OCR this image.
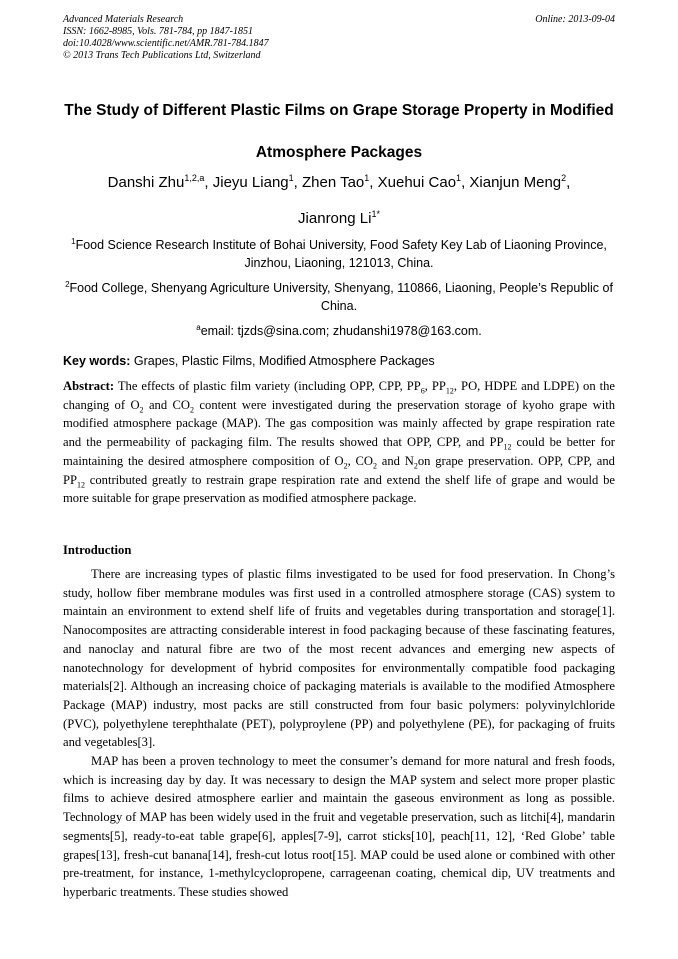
Advanced Materials Research	Online: 2013-09-04
ISSN: 1662-8985, Vols. 781-784, pp 1847-1851
doi:10.4028/www.scientific.net/AMR.781-784.1847
© 2013 Trans Tech Publications Ltd, Switzerland
The Study of Different Plastic Films on Grape Storage Property in Modified Atmosphere Packages
Danshi Zhu$^{1,2,a}$, Jieyu Liang$^1$, Zhen Tao$^1$, Xuehui Cao$^1$, Xianjun Meng$^2$,
Jianrong $Li^{1*}$
$^1$Food Science Research Institute of Bohai University, Food Safety Key Lab of Liaoning Province, Jinzhou, Liaoning, 121013, China.
$^2$Food College, Shenyang Agriculture University, Shenyang, 110866, Liaoning, People’s Republic of China.
$^a$email: tjzds@sina.com; zhudanshi1978@163.com.
Key words: Grapes, Plastic Films, Modified Atmosphere Packages
Abstract: The effects of plastic film variety (including OPP, CPP, $PP_6$, $PP_{12}$, PO, HDPE and LDPE) on the changing of $O_2$ and $CO_2$ content were investigated during the preservation storage of kyoho grape with modified atmosphere package (MAP). The gas composition was mainly affected by grape respiration rate and the permeability of packaging film. The results showed that OPP, CPP, and $PP_{12}$ could be better for maintaining the desired atmosphere composition of $O_2$, $CO_2$ and $N_2on$ grape preservation. OPP, CPP, and $PP_{12}$ contributed greatly to restrain grape respiration rate and extend the shelf life of grape and would be more suitable for grape preservation as modified atmosphere package.
Introduction

There are increasing types of plastic films investigated to be used for food preservation. In Chong’s study, hollow fiber membrane modules was first used in a controlled atmosphere storage (CAS) system to maintain an environment to extend shelf life of fruits and vegetables during transportation and storage[1]. Nanocomposites are attracting considerable interest in food packaging because of these fascinating features, and nanoclay and natural fibre are two of the most recent advances and emerging new aspects of nanotechnology for development of hybrid composites for environmentally compatible food packaging materials[2]. Although an increasing choice of packaging materials is available to the modified Atmosphere Package (MAP) industry, most packs are still constructed from four basic polymers: polyvinylchloride (PVC), polyethylene terephthalate (PET), polyproylene (PP) and polyethylene (PE), for packaging of fruits and vegetables[3].

MAP has been a proven technology to meet the consumer’s demand for more natural and fresh foods, which is increasing day by day. It was necessary to design the MAP system and select more proper plastic films to achieve desired atmosphere earlier and maintain the gaseous environment as long as possible. Technology of MAP has been widely used in the fruit and vegetable preservation, such as litchi[4], mandarin segments[5], ready-to-eat table grape[6], apples[7-9], carrot sticks[10], peach[11, 12], ‘Red Globe’ table grapes[13], fresh-cut banana[14], fresh-cut lotus root[15]. MAP could be used alone or combined with other pre-treatment, for instance, 1-methylcyclopropene, carrageenan coating, chemical dip, UV treatments and hyperbaric treatments. These studies showed
